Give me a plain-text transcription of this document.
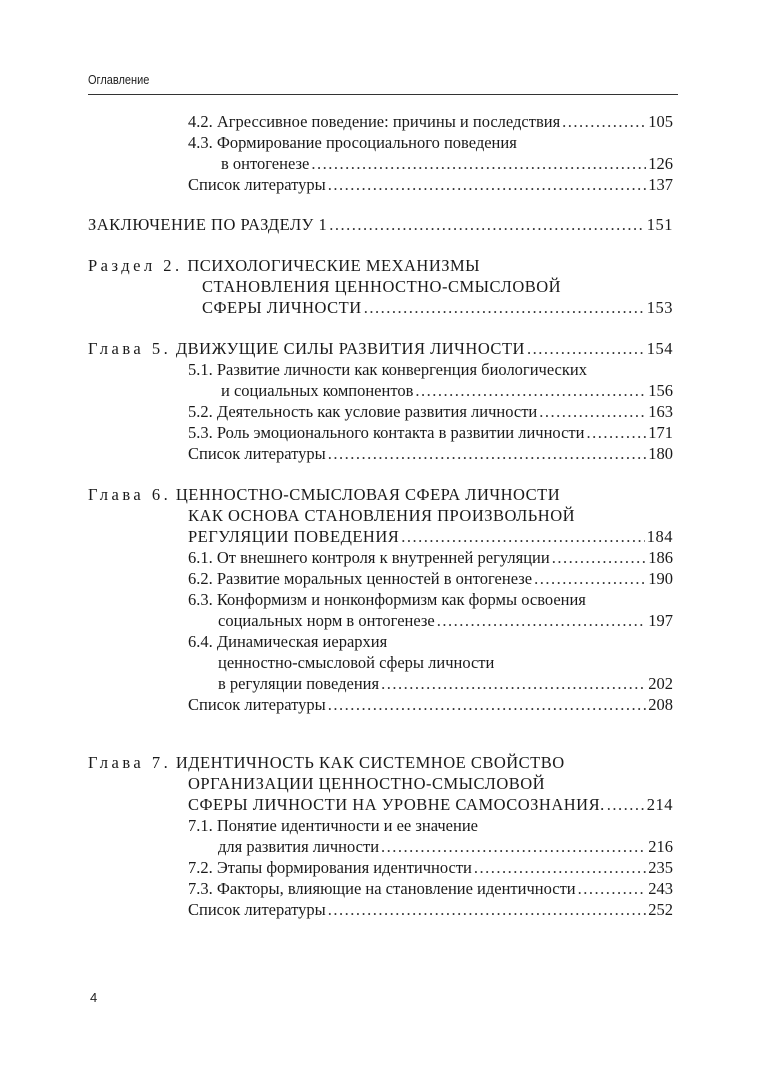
Оглавление
4.2. Агрессивное поведение: причины и последствия .....	105
4.3. Формирование просоциального поведения
в онтогенезе .....	126
Список литературы .....	137
ЗАКЛЮЧЕНИЕ ПО РАЗДЕЛУ 1 .....	151
Раздел 2.
ПСИХОЛОГИЧЕСКИЕ МЕХАНИЗМЫ
СТАНОВЛЕНИЯ ЦЕННОСТНО-СМЫСЛОВОЙ
СФЕРЫ ЛИЧНОСТИ .....	153
Глава 5.
ДВИЖУЩИЕ СИЛЫ РАЗВИТИЯ ЛИЧНОСТИ .....	154
5.1. Развитие личности как конвергенция биологических
и социальных компонентов .....	156
5.2. Деятельность как условие развития личности .....	163
5.3. Роль эмоционального контакта в развитии личности .....	171
Список литературы .....	180
Глава 6.
ЦЕННОСТНО-СМЫСЛОВАЯ СФЕРА ЛИЧНОСТИ
КАК ОСНОВА СТАНОВЛЕНИЯ ПРОИЗВОЛЬНОЙ
РЕГУЛЯЦИИ ПОВЕДЕНИЯ .....	184
6.1. От внешнего контроля к внутренней регуляции .....	186
6.2. Развитие моральных ценностей в онтогенезе .....	190
6.3. Конформизм и нонконформизм как формы освоения
социальных норм в онтогенезе .....	197
6.4. Динамическая иерархия
ценностно-смысловой сферы личности
в регуляции поведения .....	202
Список литературы .....	208
Глава 7.
ИДЕНТИЧНОСТЬ КАК СИСТЕМНОЕ СВОЙСТВО
ОРГАНИЗАЦИИ ЦЕННОСТНО-СМЫСЛОВОЙ
СФЕРЫ ЛИЧНОСТИ НА УРОВНЕ САМОСОЗНАНИЯ. .....	214
7.1. Понятие идентичности и ее значение
для развития личности .....	216
7.2. Этапы формирования идентичности .....	235
7.3. Факторы, влияющие на становление идентичности .....	243
Список литературы .....	252
4
